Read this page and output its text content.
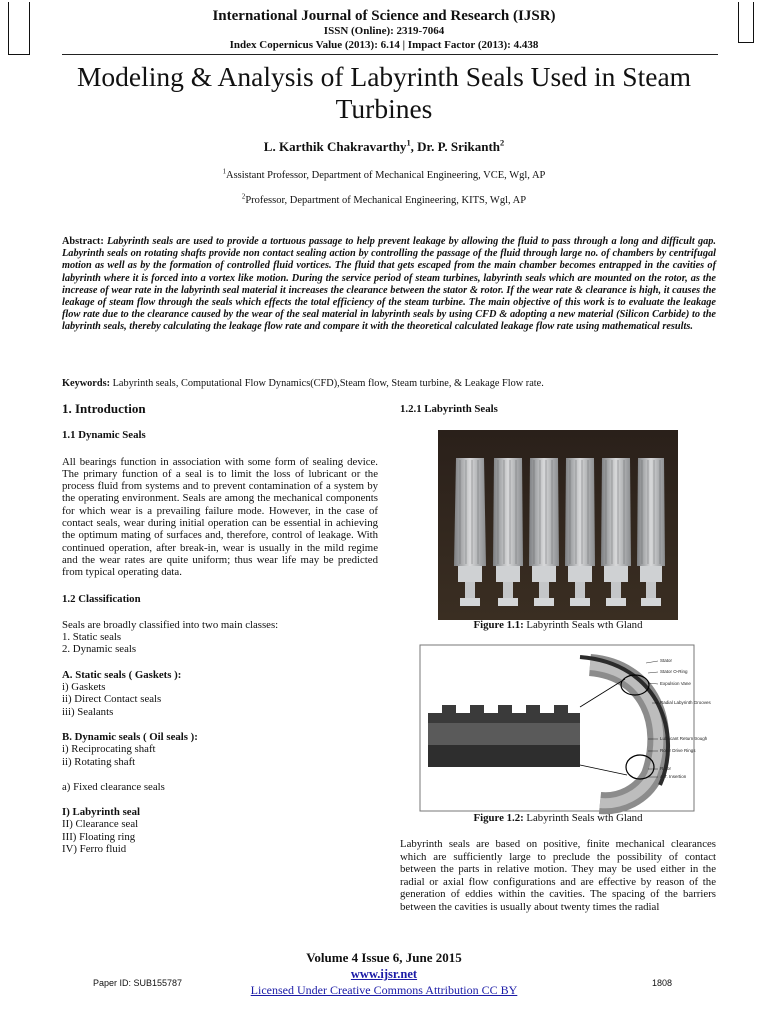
International Journal of Science and Research (IJSR)
ISSN (Online): 2319-7064
Index Copernicus Value (2013): 6.14 | Impact Factor (2013): 4.438
Modeling & Analysis of Labyrinth Seals Used in Steam Turbines
L. Karthik Chakravarthy$^1$, Dr. P. Srikanth$^2$
$^1$Assistant Professor, Department of Mechanical Engineering, VCE, Wgl, AP
$^2$Professor, Department of Mechanical Engineering, KITS, Wgl, AP
Abstract: Labyrinth seals are used to provide a tortuous passage to help prevent leakage by allowing the fluid to pass through a long and difficult gap. Labyrinth seals on rotating shafts provide non contact sealing action by controlling the passage of the fluid through large no. of chambers by centrifugal motion as well as by the formation of controlled fluid vortices. The fluid that gets escaped from the main chamber becomes entrapped in the cavities of labyrinth where it is forced into a vortex like motion. During the service period of steam turbines, labyrinth seals which are mounted on the rotor, as the increase of wear rate in the labyrinth seal material it increases the clearance between the stator & rotor. If the wear rate & clearance is high, it causes the leakage of steam flow through the seals which effects the total efficiency of the steam turbine. The main objective of this work is to evaluate the leakage flow rate due to the clearance caused by the wear of the seal material in labyrinth seals by using CFD & adopting a new material (Silicon Carbide) to the labyrinth seals, thereby calculating the leakage flow rate and compare it with the theoretical calculated leakage flow rate using mathematical results.
Keywords: Labyrinth seals, Computational Flow Dynamics(CFD),Steam flow, Steam turbine, & Leakage Flow rate.
1. Introduction
1.1 Dynamic Seals
All bearings function in association with some form of sealing device. The primary function of a seal is to limit the loss of lubricant or the process fluid from systems and to prevent contamination of a system by the operating environment. Seals are among the mechanical components for which wear is a prevailing failure mode. However, in the case of contact seals, wear during initial operation can be essential in achieving the optimum mating of surfaces and, therefore, control of leakage. With continued operation, after break-in, wear is usually in the mild regime and the wear rates are quite uniform; thus wear life may be predicted from typical operating data.
1.2 Classification
Seals are broadly classified into two main classes:
1. Static seals
2. Dynamic seals
A. Static seals ( Gaskets ):
i) Gaskets
ii) Direct Contact seals
iii) Sealants
B. Dynamic seals ( Oil seals ):
i) Reciprocating shaft
ii) Rotating shaft
a) Fixed clearance seals
I) Labyrinth seal
II) Clearance seal
III) Floating ring
IV) Ferro fluid
1.2.1 Labyrinth Seals
Figure 1.1: Labyrinth Seals wth Gland
Stator
Stator O-Ring
Expulsion Vane
Radial Labyrinth Grooves
Lubricant Return trough
Rotor Drive Rings
Rotor
A.T. Insertion
Figure 1.2: Labyrinth Seals wth Gland
Labyrinth seals are based on positive, finite mechanical clearances which are sufficiently large to preclude the possibility of contact between the parts in relative motion. They may be used either in the radial or axial flow configurations and are effective by reason of the generation of eddies within the cavities. The spacing of the barriers between the cavities is usually about twenty times the radial
Volume 4 Issue 6, June 2015
www.ijsr.net
Licensed Under Creative Commons Attribution CC BY
Paper ID: SUB155787	1808
